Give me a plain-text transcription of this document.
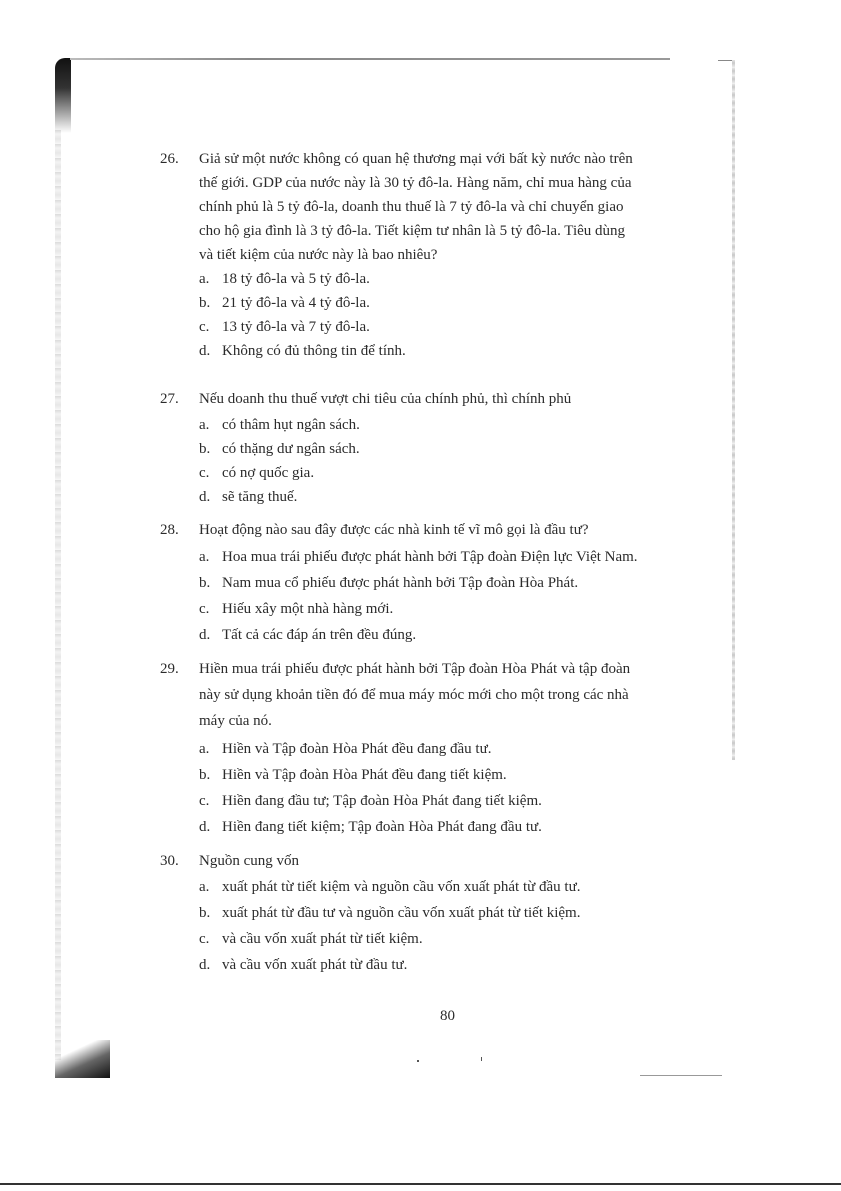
26. Giả sử một nước không có quan hệ thương mại với bất kỳ nước nào trên
thế giới. GDP của nước này là 30 tỷ đô-la. Hàng năm, chỉ mua hàng của
chính phủ là 5 tỷ đô-la, doanh thu thuế là 7 tỷ đô-la và chỉ chuyển giao
cho hộ gia đình là 3 tỷ đô-la. Tiết kiệm tư nhân là 5 tỷ đô-la. Tiêu dùng
và tiết kiệm của nước này là bao nhiêu?
a. 18 tỷ đô-la và 5 tỷ đô-la.
b. 21 tỷ đô-la và 4 tỷ đô-la.
c. 13 tỷ đô-la và 7 tỷ đô-la.
d. Không có đủ thông tin để tính.
27. Nếu doanh thu thuế vượt chi tiêu của chính phủ, thì chính phủ
a. có thâm hụt ngân sách.
b. có thặng dư ngân sách.
c. có nợ quốc gia.
d. sẽ tăng thuế.
28. Hoạt động nào sau đây được các nhà kinh tế vĩ mô gọi là đầu tư?
a. Hoa mua trái phiếu được phát hành bởi Tập đoàn Điện lực Việt Nam.
b. Nam mua cổ phiếu được phát hành bởi Tập đoàn Hòa Phát.
c. Hiếu xây một nhà hàng mới.
d. Tất cả các đáp án trên đều đúng.
29. Hiền mua trái phiếu được phát hành bởi Tập đoàn Hòa Phát và tập đoàn
này sử dụng khoản tiền đó để mua máy móc mới cho một trong các nhà
máy của nó.
a. Hiền và Tập đoàn Hòa Phát đều đang đầu tư.
b. Hiền và Tập đoàn Hòa Phát đều đang tiết kiệm.
c. Hiền đang đầu tư; Tập đoàn Hòa Phát đang tiết kiệm.
d. Hiền đang tiết kiệm; Tập đoàn Hòa Phát đang đầu tư.
30. Nguồn cung vốn
a. xuất phát từ tiết kiệm và nguồn cầu vốn xuất phát từ đầu tư.
b. xuất phát từ đầu tư và nguồn cầu vốn xuất phát từ tiết kiệm.
c. và cầu vốn xuất phát từ tiết kiệm.
d. và cầu vốn xuất phát từ đầu tư.
80
